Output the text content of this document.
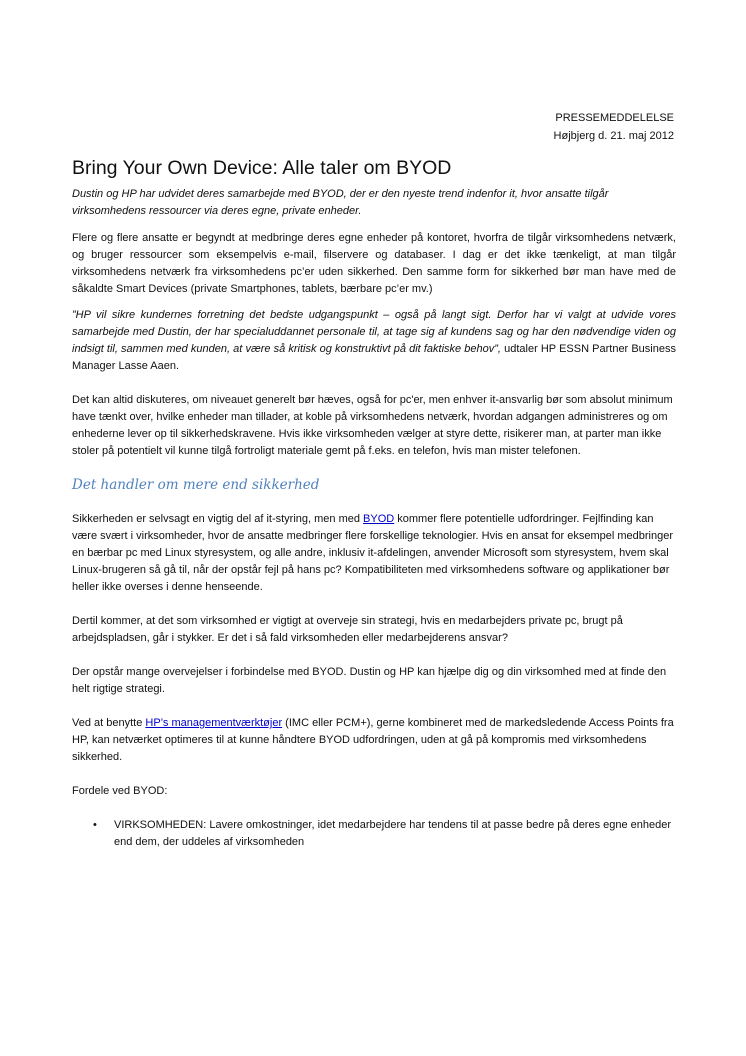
PRESSEMEDDELELSE
Højbjerg d. 21. maj 2012
Bring Your Own Device: Alle taler om BYOD

Dustin og HP har udvidet deres samarbejde med BYOD, der er den nyeste trend indenfor it, hvor ansatte tilgår virksomhedens ressourcer via deres egne, private enheder.

Flere og flere ansatte er begyndt at medbringe deres egne enheder på kontoret, hvorfra de tilgår virksomhedens netværk, og bruger ressourcer som eksempelvis e-mail, filservere og databaser. I dag er det ikke tænkeligt, at man tilgår virksomhedens netværk fra virksomhedens pc’er uden sikkerhed. Den samme form for sikkerhed bør man have med de såkaldte Smart Devices (private Smartphones, tablets, bærbare pc’er mv.)

”HP vil sikre kundernes forretning det bedste udgangspunkt – også på langt sigt. Derfor har vi valgt at udvide vores samarbejde med Dustin, der har specialuddannet personale til, at tage sig af kundens sag og har den nødvendige viden og indsigt til, sammen med kunden, at være så kritisk og konstruktivt på dit faktiske behov”, udtaler HP ESSN Partner Business Manager Lasse Aaen.

Det kan altid diskuteres, om niveauet generelt bør hæves, også for pc'er, men enhver it-ansvarlig bør som absolut minimum have tænkt over, hvilke enheder man tillader, at koble på virksomhedens netværk, hvordan adgangen administreres og om enhederne lever op til sikkerhedskravene. Hvis ikke virksomheden vælger at styre dette, risikerer man, at parter man ikke stoler på potentielt vil kunne tilgå fortroligt materiale gemt på f.eks. en telefon, hvis man mister telefonen.

Det handler om mere end sikkerhed

Sikkerheden er selvsagt en vigtig del af it-styring, men med BYOD kommer flere potentielle udfordringer. Fejlfinding kan være svært i virksomheder, hvor de ansatte medbringer flere forskellige teknologier. Hvis en ansat for eksempel medbringer en bærbar pc med Linux styresystem, og alle andre, inklusiv it-afdelingen, anvender Microsoft som styresystem, hvem skal Linux-brugeren så gå til, når der opstår fejl på hans pc? Kompatibiliteten med virksomhedens software og applikationer bør heller ikke overses i denne henseende.

Dertil kommer, at det som virksomhed er vigtigt at overveje sin strategi, hvis en medarbejders private pc, brugt på arbejdspladsen, går i stykker. Er det i så fald virksomheden eller medarbejderens ansvar?

Der opstår mange overvejelser i forbindelse med BYOD. Dustin og HP kan hjælpe dig og din virksomhed med at finde den helt rigtige strategi.

Ved at benytte HP’s managementværktøjer (IMC eller PCM+), gerne kombineret med de markedsledende Access Points fra HP, kan netværket optimeres til at kunne håndtere BYOD udfordringen, uden at gå på kompromis med virksomhedens sikkerhed.

Fordele ved BYOD:

• VIRKSOMHEDEN: Lavere omkostninger, idet medarbejdere har tendens til at passe bedre på deres egne enheder end dem, der uddeles af virksomheden
